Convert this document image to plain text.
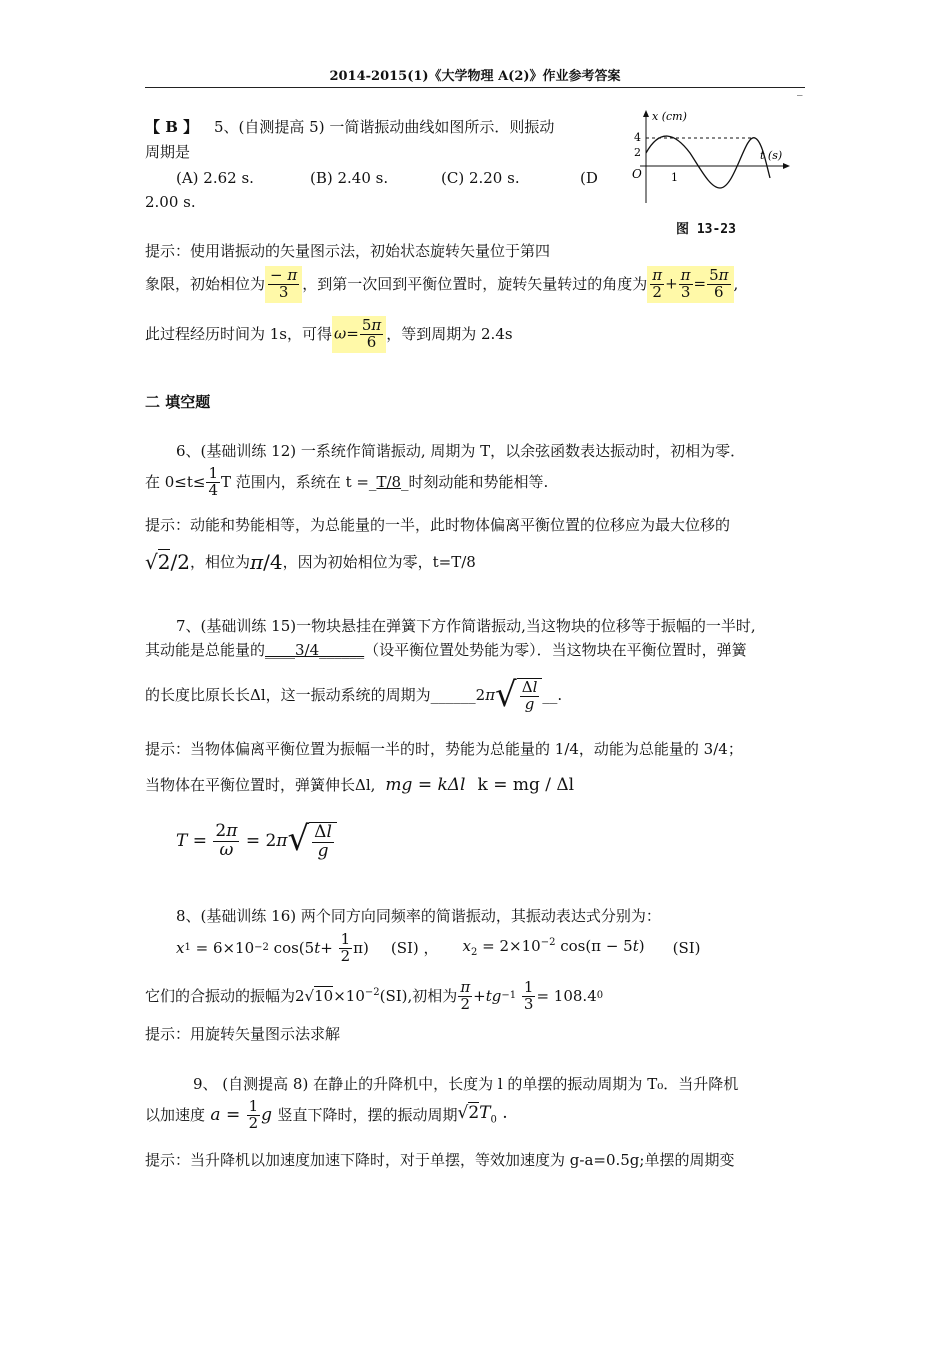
2014-2015(1)《大学物理 A(2)》作业参考答案
_
【 B 】 5、(自测提高 5) 一简谐振动曲线如图所示．则振动
周期是
(A) 2.62 s.	(B) 2.40 s.	(C) 2.20 s.	(D
2.00 s.
4
2
O	1
x (cm)
t (s)
图 13-23
提示：使用谐振动的矢量图示法，初始状态旋转矢量位于第四
象限，初始相位为 $\frac{- \pi}{3}$ ，到第一次回到平衡位置时，旋转矢量转过的角度为 $\frac{\pi}{2} + \frac{\pi}{3} = \frac{5\pi}{6}$ ,
此过程经历时间为 1s，可得 $\omega= \frac{5\pi}{6}$ ，等到周期为 2.4s
二 填空题
6、(基础训练 12) 一系统作简谐振动, 周期为 T，以余弦函数表达振动时，初相为零．
在 $0\le t\le \frac{1}{4}$ T 范围内，系统在 t =_ T/8 _时刻动能和势能相等.
提示：动能和势能相等，为总能量的一半，此时物体偏离平衡位置的位移应为最大位移的
√2/2 ，相位为 π/4 ，因为初始相位为零，t=T/8
7、(基础训练 15)一物块悬挂在弹簧下方作简谐振动,当这物块的位移等于振幅的一半时,
其动能是总能量的 ____3/4______ （设平衡位置处势能为零）．当这物块在平衡位置时，弹簧
的长度比原长长Δl，这一振动系统的周期为 ______ 2 π √ $\frac{\Delta l}{g}$ __.
提示：当物体偏离平衡位置为振幅一半的时，势能为总能量的 1/4，动能为总能量的 3/4；
当物体在平衡位置时，弹簧伸长Δl, mg = kΔl k = mg / Δl
$T = \frac{2\pi}{\omega} = 2$ π √ $\frac{\Delta l}{g}$
8、(基础训练 16) 两个同方向同频率的简谐振动，其振动表达式分别为：
x 1 = 6×10 −2 cos(5 $t + \frac{1}{2} \pi$) (SI) ， $x_2 = 2\times 10^{-2}$ cos(π − 5t) (SI)
它们的合振动的振幅为 $2√10\times 10^{-2}$ (SI),初相为 $\frac{\pi}{2}$ + tg −1
$\frac{1}{3} = 108.4$ 0
提示：用旋转矢量图示法求解
9、 (自测提高 8) 在静止的升降机中，长度为 l 的单摆的振动周期为 T₀．当升降机
以加速度
$a = \frac{1}{2}$ g
竖直下降时，摆的振动周期 $√2T_0$ .
提示：当升降机以加速度加速下降时，对于单摆，等效加速度为 g-a=0.5g;单摆的周期变
